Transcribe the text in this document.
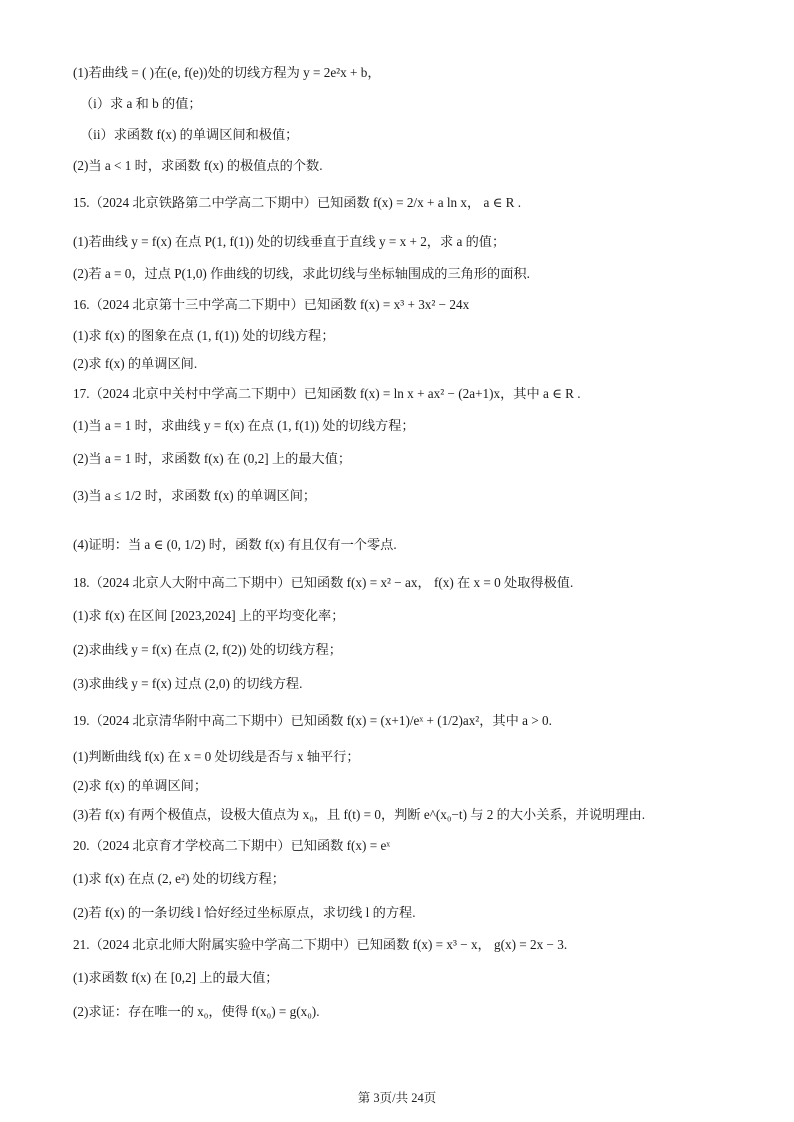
(1)若曲线 = ( )在(e, f(e))处的切线方程为 y = 2e²x + b，
（i）求 a 和 b 的值；
（ii）求函数 f(x) 的单调区间和极值；
(2)当 a < 1 时，求函数 f(x) 的极值点的个数.
15.（2024 北京铁路第二中学高二下期中）已知函数 f(x) = 2/x + a ln x， a ∈ R .
(1)若曲线 y = f(x) 在点 P(1, f(1)) 处的切线垂直于直线 y = x + 2，求 a 的值；
(2)若 a = 0，过点 P(1,0) 作曲线的切线，求此切线与坐标轴围成的三角形的面积.
16.（2024 北京第十三中学高二下期中）已知函数 f(x) = x³ + 3x² − 24x
(1)求 f(x) 的图象在点 (1, f(1)) 处的切线方程；
(2)求 f(x) 的单调区间.
17.（2024 北京中关村中学高二下期中）已知函数 f(x) = ln x + ax² − (2a+1)x，其中 a ∈ R .
(1)当 a = 1 时，求曲线 y = f(x) 在点 (1, f(1)) 处的切线方程；
(2)当 a = 1 时，求函数 f(x) 在 (0,2] 上的最大值；
(3)当 a ≤ 1/2 时，求函数 f(x) 的单调区间；
(4)证明：当 a ∈ (0, 1/2) 时，函数 f(x) 有且仅有一个零点.
18.（2024 北京人大附中高二下期中）已知函数 f(x) = x² − ax， f(x) 在 x = 0 处取得极值.
(1)求 f(x) 在区间 [2023,2024] 上的平均变化率；
(2)求曲线 y = f(x) 在点 (2, f(2)) 处的切线方程；
(3)求曲线 y = f(x) 过点 (2,0) 的切线方程.
19.（2024 北京清华附中高二下期中）已知函数 f(x) = (x+1)/eˣ + (1/2)ax²，其中 a > 0.
(1)判断曲线 f(x) 在 x = 0 处切线是否与 x 轴平行；
(2)求 f(x) 的单调区间；
(3)若 f(x) 有两个极值点，设极大值点为 x₀，且 f(t) = 0，判断 e^(x₀−t) 与 2 的大小关系，并说明理由.
20.（2024 北京育才学校高二下期中）已知函数 f(x) = eˣ
(1)求 f(x) 在点 (2, e²) 处的切线方程；
(2)若 f(x) 的一条切线 l 恰好经过坐标原点，求切线 l 的方程.
21.（2024 北京北师大附属实验中学高二下期中）已知函数 f(x) = x³ − x， g(x) = 2x − 3.
(1)求函数 f(x) 在 [0,2] 上的最大值；
(2)求证：存在唯一的 x₀，使得 f(x₀) = g(x₀).
第 3页/共 24页
